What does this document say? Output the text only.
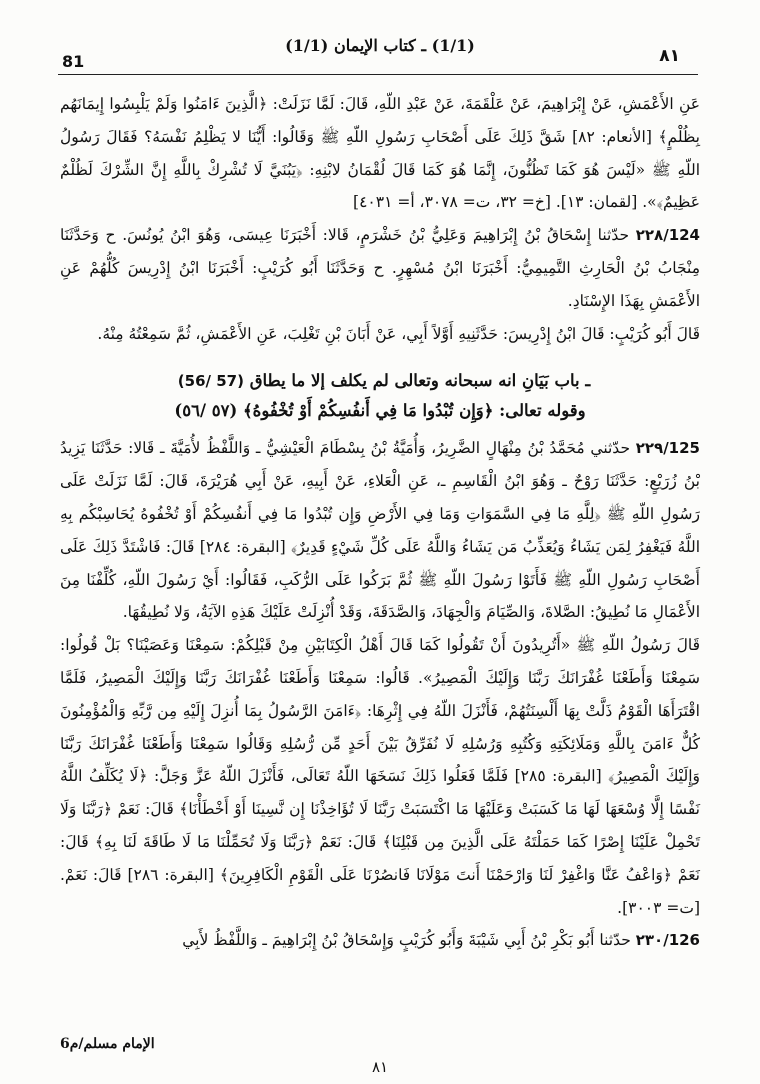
81
(1/1) ـ كتاب الإيمان (1/1)
٨١

عَنِ الأَعْمَشِ، عَنْ إِبْرَاهِيمَ، عَنْ عَلْقَمَةَ، عَنْ عَبْدِ اللّهِ، قَالَ: لَمَّا نَزَلَتْ: ﴿الَّذِينَ ءَامَنُوا وَلَمْ يَلْبِسُوا إِيمَانَهُم بِظُلْمٍ﴾ [الأنعام: ٨٢] شَقَّ ذَلِكَ عَلَى أَصْحَابِ رَسُولِ اللّهِ ﷺ وَقَالُوا: أَيُّنَا لا يَظْلِمُ نَفْسَهُ؟ فَقَالَ رَسُولُ اللّهِ ﷺ «لَيْسَ هُوَ كَمَا تَظُنُّونَ، إِنَّمَا هُوَ كَمَا قَالَ لُقْمَانُ لابْنِهِ: ﴿يَبُنَيَّ لَا تُشْرِكْ بِاللَّهِ إِنَّ الشِّرْكَ لَظُلْمٌ عَظِيمٌ﴾». [لقمان: ١٣]. [خ= ٣٢، ت= ٣٠٧٨، أ= ٤٠٣١]

124/٢٢٨ حدّثنا إِسْحَاقُ بْنُ إِبْرَاهِيمَ وَعَلِيُّ بْنُ خَشْرَمٍ، قَالا: أَخْبَرَنَا عِيسَى، وَهُوَ ابْنُ يُونُسَ. ح وَحَدَّثَنَا مِنْجَابُ بْنُ الْحَارِثِ التَّمِيمِيُّ: أَخْبَرَنَا ابْنُ مُسْهِرٍ. ح وَحَدَّثَنَا أَبُو كُرَيْبٍ: أَخْبَرَنَا ابْنُ إِدْرِيسَ كُلُّهُمْ عَنِ الأَعْمَشِ بِهَذَا الإِسْنَادِ.

قَالَ أَبُو كُرَيْبٍ: قَالَ ابْنُ إِدْرِيسَ: حَدَّثَنِيهِ أَوَّلاً أَبِي، عَنْ أَبَانَ بْنِ تَغْلِبَ، عَنِ الأَعْمَشِ، ثُمَّ سَمِعْتُهُ مِنْهُ.

ـ باب بَيَانِ انه سبحانه وتعالى لم يكلف إلا ما يطاق (57 /56)
وقوله تعالى: ﴿وَإِن تُبْدُوا مَا فِي أَنفُسِكُمْ أَوْ تُخْفُوهُ﴾ (٥٧ /٥٦)

125/٢٢٩ حدّثني مُحَمَّدُ بْنُ مِنْهَالٍ الضَّرِيرُ، وَأُمَيَّةُ بْنُ بِسْطَامَ الْعَيْشِيُّ ـ وَاللَّفْظُ لأُمَيَّةَ ـ قَالا: حَدَّثَنَا يَزِيدُ بْنُ زُرَيْعٍ: حَدَّثَنَا رَوْحٌ ـ وَهُوَ ابْنُ الْقَاسِمِ ـ، عَنِ الْعَلاءِ، عَنْ أَبِيهِ، عَنْ أَبِي هُرَيْرَةَ، قَالَ: لَمَّا نَزَلَتْ عَلَى رَسُولِ اللّهِ ﷺ ﴿لِلَّهِ مَا فِي السَّمَوَاتِ وَمَا فِي الأَرْضِ وَإِن تُبْدُوا مَا فِي أَنفُسِكُمْ أَوْ تُخْفُوهُ يُحَاسِبْكُم بِهِ اللَّهُ فَيَغْفِرُ لِمَن يَشَاءُ وَيُعَذِّبُ مَن يَشَاءُ وَاللَّهُ عَلَى كُلِّ شَيْءٍ قَدِيرٌ﴾ [البقرة: ٢٨٤] قَالَ: فَاشْتَدَّ ذَلِكَ عَلَى أَصْحَابِ رَسُولِ اللّهِ ﷺ فَأَتَوْا رَسُولَ اللّهِ ﷺ ثُمَّ بَرَكُوا عَلَى الرُّكَبِ، فَقَالُوا: أَيْ رَسُولَ اللّهِ، كُلِّفْنَا مِنَ الأَعْمَالِ مَا نُطِيقُ: الصَّلاةَ، وَالصِّيَامَ وَالْجِهَادَ، وَالصَّدَقَةَ، وَقَدْ أُنْزِلَتْ عَلَيْكَ هَذِهِ الآيَةُ، وَلا نُطِيقُهَا.

قَالَ رَسُولُ اللّهِ ﷺ «أَتُرِيدُونَ أَنْ تَقُولُوا كَمَا قَالَ أَهْلُ الْكِتَابَيْنِ مِنْ قَبْلِكُمْ: سَمِعْنَا وَعَصَيْنَا؟ بَلْ قُولُوا: سَمِعْنَا وَأَطَعْنَا غُفْرَانَكَ رَبَّنَا وَإِلَيْكَ الْمَصِيرُ». قَالُوا: سَمِعْنَا وَأَطَعْنَا غُفْرَانَكَ رَبَّنَا وَإِلَيْكَ الْمَصِيرُ، فَلَمَّا اقْتَرَأَهَا الْقَوْمُ ذَلَّتْ بِهَا أَلْسِنَتُهُمْ، فَأَنْزَلَ اللّهُ فِي إِثْرِهَا: ﴿ءَامَنَ الرَّسُولُ بِمَا أُنزِلَ إِلَيْهِ مِن رَّبِّهِ وَالْمُؤْمِنُونَ كُلٌّ ءَامَنَ بِاللَّهِ وَمَلَائِكَتِهِ وَكُتُبِهِ وَرُسُلِهِ لَا نُفَرِّقُ بَيْنَ أَحَدٍ مِّن رُّسُلِهِ وَقَالُوا سَمِعْنَا وَأَطَعْنَا غُفْرَانَكَ رَبَّنَا وَإِلَيْكَ الْمَصِيرُ﴾ [البقرة: ٢٨٥] فَلَمَّا فَعَلُوا ذَلِكَ نَسَخَهَا اللّهُ تَعَالَى، فَأَنْزَلَ اللّهُ عَزَّ وَجَلَّ: ﴿لَا يُكَلِّفُ اللَّهُ نَفْسًا إِلَّا وُسْعَهَا لَهَا مَا كَسَبَتْ وَعَلَيْهَا مَا اكْتَسَبَتْ رَبَّنَا لَا تُؤَاخِذْنَا إِن نَّسِينَا أَوْ أَخْطَأْنَا﴾ قَالَ: نَعَمْ ﴿رَبَّنَا وَلَا تَحْمِلْ عَلَيْنَا إِصْرًا كَمَا حَمَلْتَهُ عَلَى الَّذِينَ مِن قَبْلِنَا﴾ قَالَ: نَعَمْ ﴿رَبَّنَا وَلَا تُحَمِّلْنَا مَا لَا طَاقَةَ لَنَا بِهِ﴾ قَالَ: نَعَمْ ﴿وَاعْفُ عَنَّا وَاغْفِرْ لَنَا وَارْحَمْنَا أَنتَ مَوْلَانَا فَانصُرْنَا عَلَى الْقَوْمِ الْكَافِرِينَ﴾ [البقرة: ٢٨٦] قَالَ: نَعَمْ. [ت= ٣٠٠٣].

126/٢٣٠ حدّثنا أَبُو بَكْرِ بْنُ أَبِي شَيْبَةَ وَأَبُو كُرَيْبٍ وَإِسْحَاقُ بْنُ إِبْرَاهِيمَ ـ وَاللَّفْظُ لأَبِي

الإمام مسلم/م6
٨١
